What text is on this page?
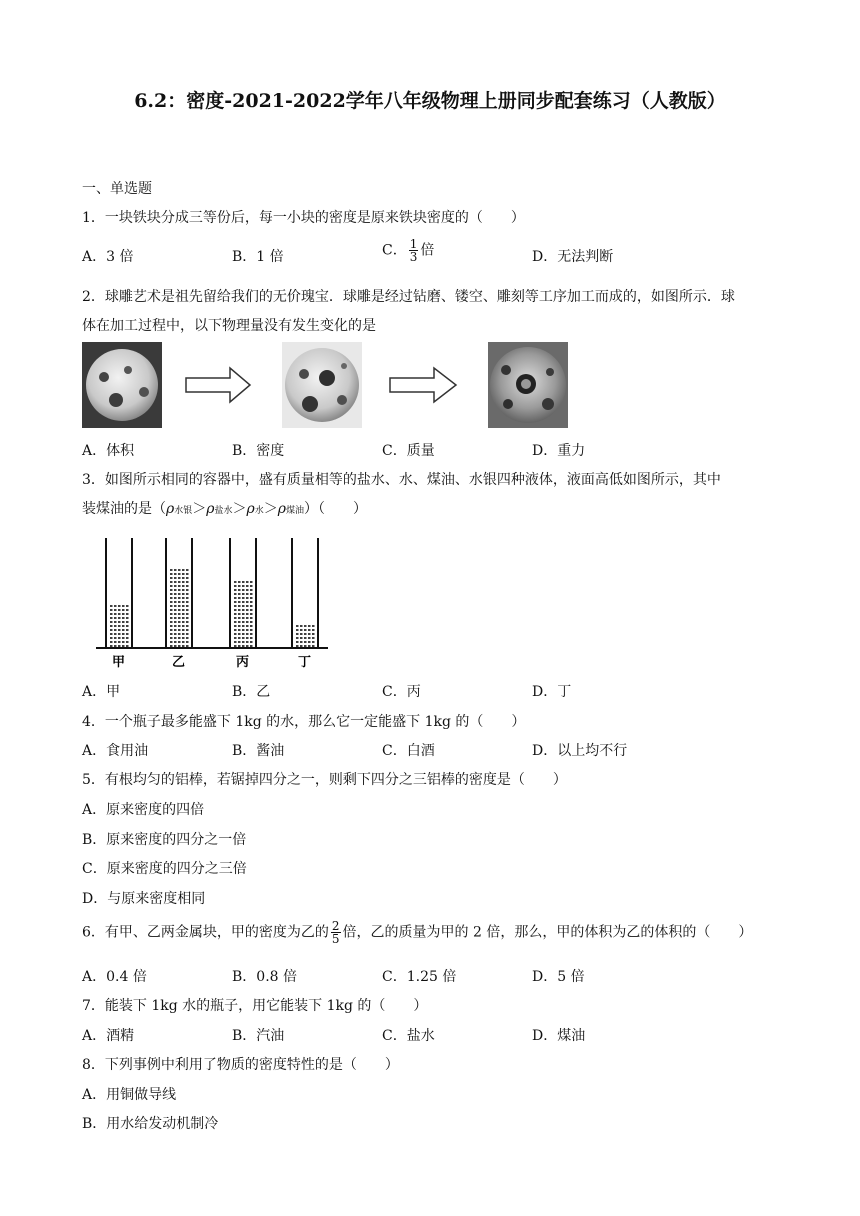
6.2：密度-2021-2022学年八年级物理上册同步配套练习（人教版）
一、单选题
1．一块铁块分成三等份后，每一小块的密度是原来铁块密度的（　　）
A．3 倍	B．1 倍	C． $\frac{1}{3}$ 倍	D．无法判断
2．球雕艺术是祖先留给我们的无价瑰宝．球雕是经过钻磨、镂空、雕刻等工序加工而成的，如图所示．球
体在加工过程中，以下物理量没有发生变化的是
A．体积	B．密度	C．质量	D．重力
3．如图所示相同的容器中，盛有质量相等的盐水、水、煤油、水银四种液体，液面高低如图所示，其中
装煤油的是（ρ水银＞ρ盐水＞ρ水＞ρ煤油）（　　）
甲	乙	丙	丁
A．甲	B．乙	C．丙	D．丁
4．一个瓶子最多能盛下 1kg 的水，那么它一定能盛下 1kg 的（　　）
A．食用油	B．酱油	C．白酒	D．以上均不行
5．有根均匀的铝棒，若锯掉四分之一，则剩下四分之三铝棒的密度是（　　）
A．原来密度的四倍
B．原来密度的四分之一倍
C．原来密度的四分之三倍
D．与原来密度相同
6．有甲、乙两金属块，甲的密度为乙的 $\frac{2}{5}$ 倍，乙的质量为甲的 2 倍，那么，甲的体积为乙的体积的（　　）
A．0.4 倍	B．0.8 倍	C．1.25 倍	D．5 倍
7．能装下 1kg 水的瓶子，用它能装下 1kg 的（　　）
A．酒精	B．汽油	C．盐水	D．煤油
8．下列事例中利用了物质的密度特性的是（　　）
A．用铜做导线
B．用水给发动机制冷
